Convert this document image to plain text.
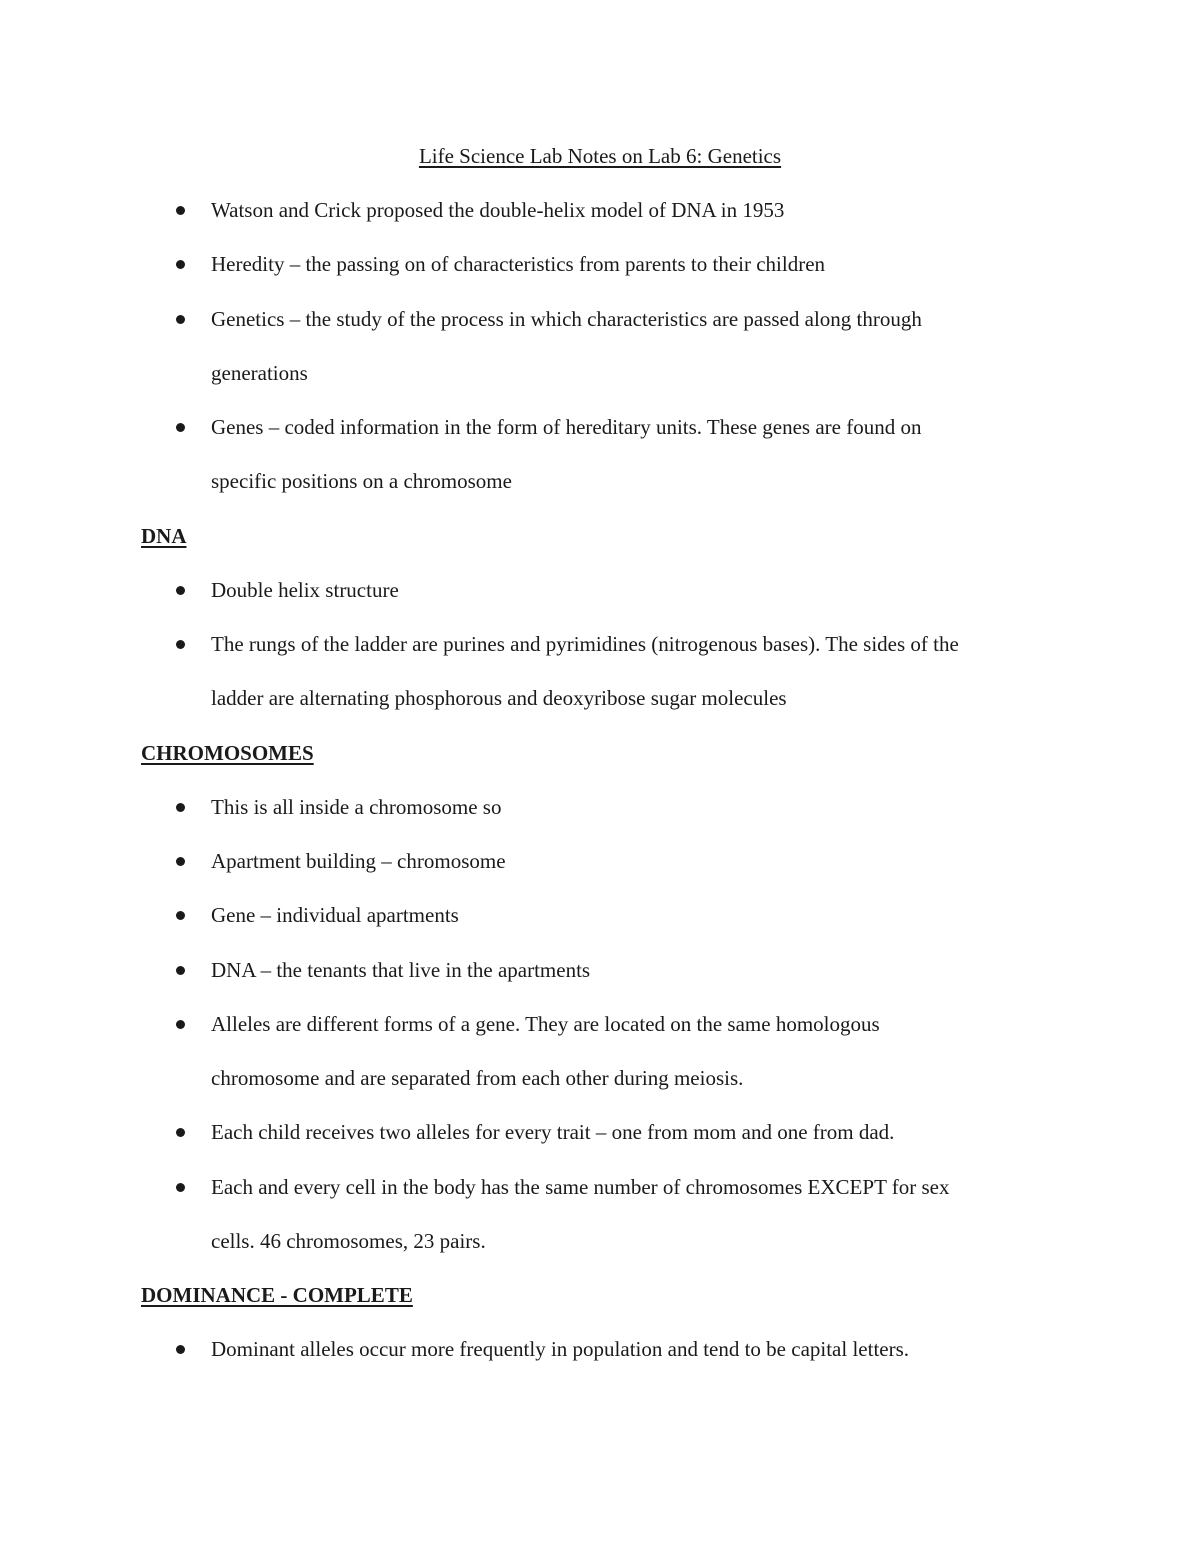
Life Science Lab Notes on Lab 6: Genetics
Watson and Crick proposed the double-helix model of DNA in 1953
Heredity – the passing on of characteristics from parents to their children
Genetics – the study of the process in which characteristics are passed along through
generations
Genes – coded information in the form of hereditary units. These genes are found on
specific positions on a chromosome
DNA
Double helix structure
The rungs of the ladder are purines and pyrimidines (nitrogenous bases). The sides of the
ladder are alternating phosphorous and deoxyribose sugar molecules
CHROMOSOMES
This is all inside a chromosome so
Apartment building – chromosome
Gene – individual apartments
DNA – the tenants that live in the apartments
Alleles are different forms of a gene. They are located on the same homologous
chromosome and are separated from each other during meiosis.
Each child receives two alleles for every trait – one from mom and one from dad.
Each and every cell in the body has the same number of chromosomes EXCEPT for sex
cells. 46 chromosomes, 23 pairs.
DOMINANCE - COMPLETE
Dominant alleles occur more frequently in population and tend to be capital letters.
